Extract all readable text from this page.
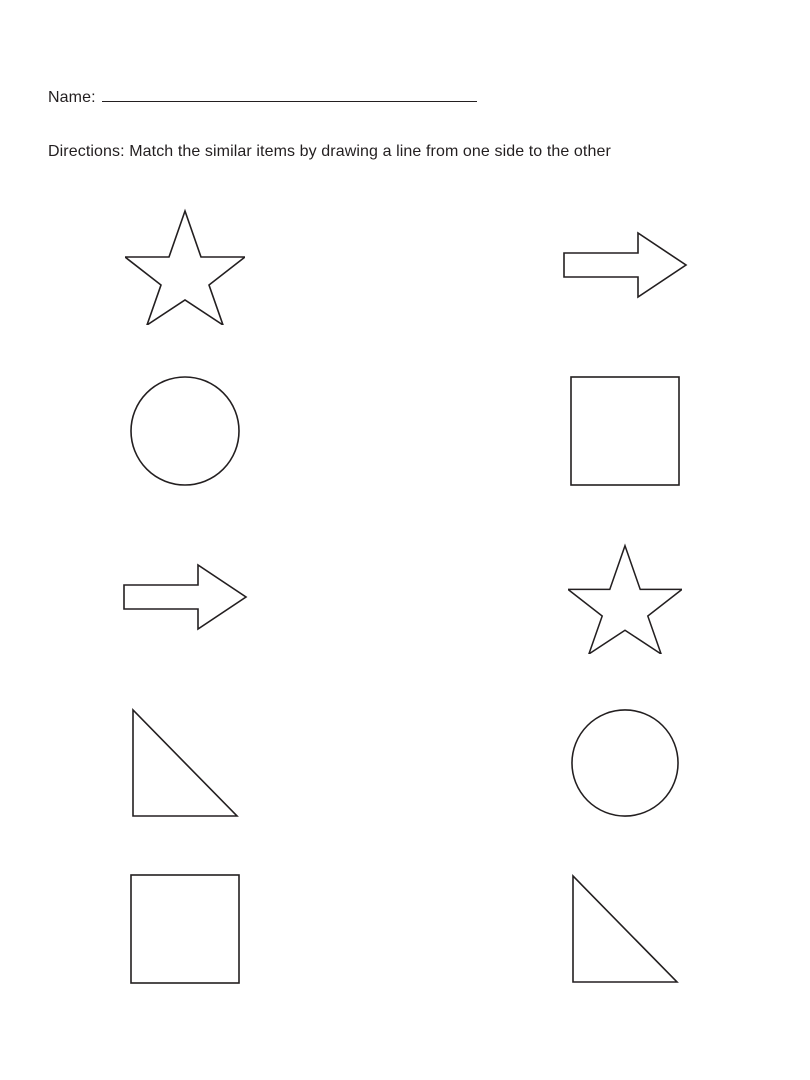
Name:
Directions: Match the similar items by drawing a line from one side to the other
